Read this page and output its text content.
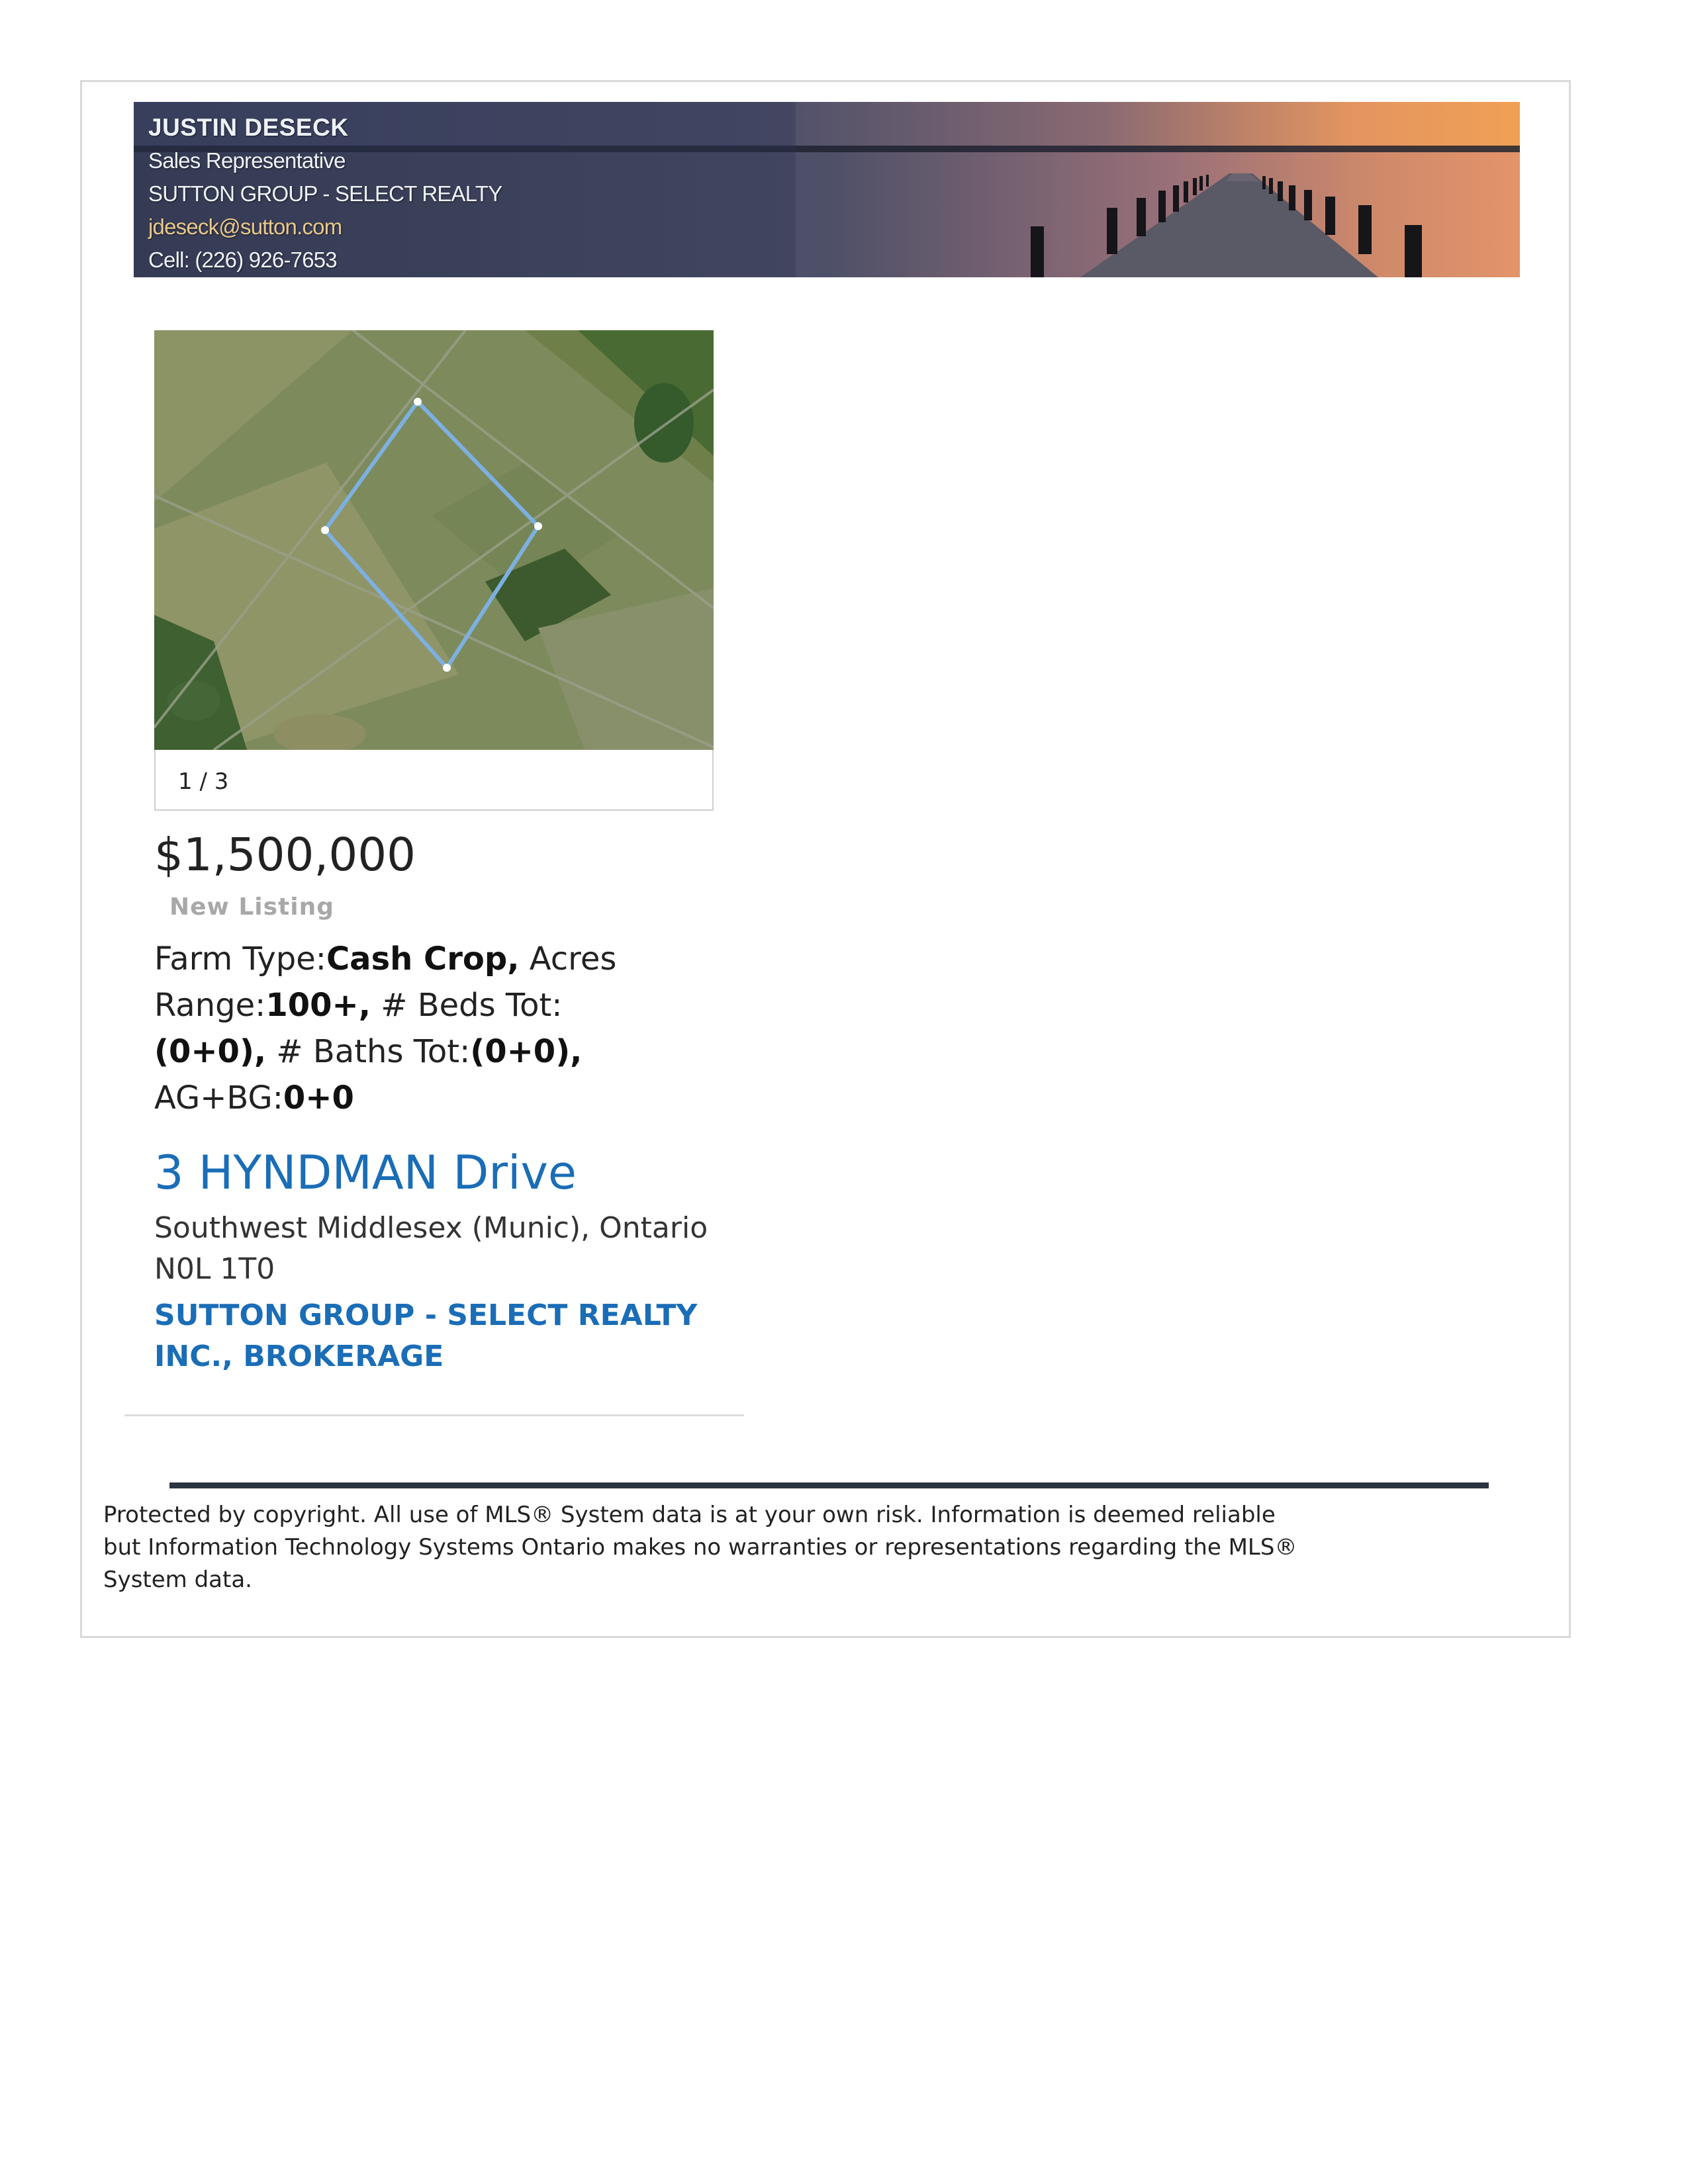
JUSTIN DESECK
Sales Representative
SUTTON GROUP - SELECT REALTY
jdeseck@sutton.com
Cell: (226) 926-7653
1 / 3
$1,500,000
New Listing
Farm Type:Cash Crop, Acres Range:100+, # Beds Tot:
(0+0), # Baths Tot:(0+0),
AG+BG:0+0
3 HYNDMAN Drive
Southwest Middlesex (Munic), Ontario
N0L 1T0
SUTTON GROUP - SELECT REALTY
INC., BROKERAGE
Protected by copyright. All use of MLS® System data is at your own risk. Information is deemed reliable
but Information Technology Systems Ontario makes no warranties or representations regarding the MLS®
System data.
